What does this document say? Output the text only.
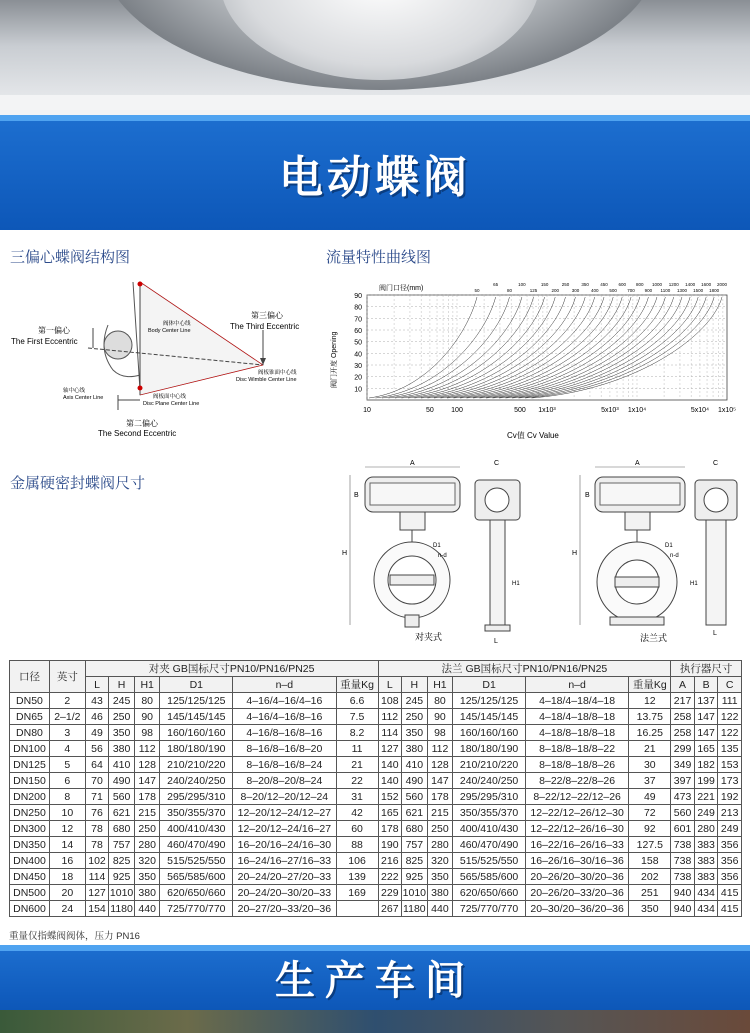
电动蝶阀
三偏心蝶阀结构图
第一偏心
The First Eccentric
第三偏心
The Third Eccentric
阀体中心线
Body Center Line
轴中心线
Axis Center Line	阀板面中心线
Disc Plane Center Line
阀板锥面中心线
Disc Wimble Center Line
第二偏心
The Second Eccentric
流量特性曲线图
阀门口径(mm)
阀门开度 Opening
Cv值 Cv Value
90
80
70
60
50
40
30
20
10
10	50 100	500 1x10³	5x10³ 1x10⁴	5x10⁴ 1x10⁵
50
65
80
100
125
150
200
250
300
350
400
450
500
600
700
800
900
1000
1100
1200
1300
1400
1500
1600
1800
2000
金属硬密封蝶阀尺寸
A
H
B
D1
n-d
C
H1
L
对夹式
A
H
B
D1
n-d
C
H1
L
法兰式
口径	英寸	对夹 GB国标尺寸PN10/PN16/PN25						法兰 GB国标尺寸PN10/PN16/PN25						执行器尺寸		
		L	H	H1	D1	n–d	重量Kg	L	H	H1	D1	n–d	重量Kg	A	B	C
DN50	2	43	245	80	125/125/125	4–16/4–16/4–16	6.6	108	245	80	125/125/125	4–18/4–18/4–18	12	217	137	111
DN65	2–1/2	46	250	90	145/145/145	4–16/4–16/8–16	7.5	112	250	90	145/145/145	4–18/4–18/8–18	13.75	258	147	122
DN80	3	49	350	98	160/160/160	4–16/8–16/8–16	8.2	114	350	98	160/160/160	4–18/8–18/8–18	16.25	258	147	122
DN100	4	56	380	112	180/180/190	8–16/8–16/8–20	11	127	380	112	180/180/190	8–18/8–18/8–22	21	299	165	135
DN125	5	64	410	128	210/210/220	8–16/8–16/8–24	21	140	410	128	210/210/220	8–18/8–18/8–26	30	349	182	153
DN150	6	70	490	147	240/240/250	8–20/8–20/8–24	22	140	490	147	240/240/250	8–22/8–22/8–26	37	397	199	173
DN200	8	71	560	178	295/295/310	8–20/12–20/12–24	31	152	560	178	295/295/310	8–22/12–22/12–26	49	473	221	192
DN250	10	76	621	215	350/355/370	12–20/12–24/12–27	42	165	621	215	350/355/370	12–22/12–26/12–30	72	560	249	213
DN300	12	78	680	250	400/410/430	12–20/12–24/16–27	60	178	680	250	400/410/430	12–22/12–26/16–30	92	601	280	249
DN350	14	78	757	280	460/470/490	16–20/16–24/16–30	88	190	757	280	460/470/490	16–22/16–26/16–33	127.5	738	383	356
DN400	16	102	825	320	515/525/550	16–24/16–27/16–33	106	216	825	320	515/525/550	16–26/16–30/16–36	158	738	383	356
DN450	18	114	925	350	565/585/600	20–24/20–27/20–33	139	222	925	350	565/585/600	20–26/20–30/20–36	202	738	383	356
DN500	20	127	1010	380	620/650/660	20–24/20–30/20–33	169	229	1010	380	620/650/660	20–26/20–33/20–36	251	940	434	415
DN600	24	154	1180	440	725/770/770	20–27/20–33/20–36		267	1180	440	725/770/770	20–30/20–36/20–36	350	940	434	415
重量仅指蝶阀阀体，压力 PN16
生产车间
